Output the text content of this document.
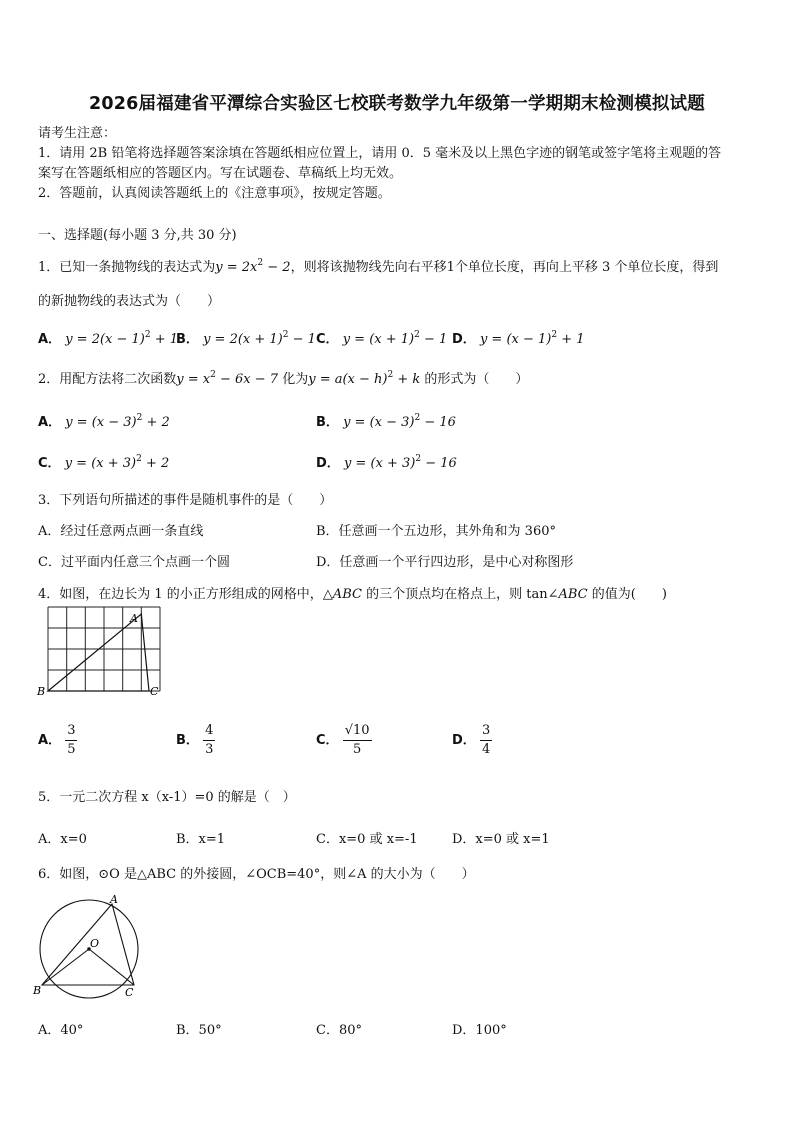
2026届福建省平潭综合实验区七校联考数学九年级第一学期期末检测模拟试题
请考生注意：
1．请用 2B 铅笔将选择题答案涂填在答题纸相应位置上，请用 0．5 毫米及以上黑色字迹的钢笔或签字笔将主观题的答
案写在答题纸相应的答题区内。写在试题卷、草稿纸上均无效。
2．答题前，认真阅读答题纸上的《注意事项》，按规定答题。
一、选择题(每小题 3 分,共 30 分)
1．已知一条抛物线的表达式为$y = 2x^2 - 2$，则将该抛物线先向右平移1个单位长度，再向上平移 3 个单位长度，得到
的新抛物线的表达式为（　　）
A． $y = 2(x - 1)^2 + 1$
B． $y = 2(x + 1)^2 - 1$ C． $y = (x + 1)^2 - 1$ D． $y = (x - 1)^2 + 1$
2．用配方法将二次函数$y = x^2 - 6x - 7$ 化为$y = a(x - h)^2 + k$ 的形式为（　　）
A． $y = (x - 3)^2 + 2$	B． $y = (x - 3)^2 - 16$
C． $y = (x + 3)^2 + 2$	D． $y = (x + 3)^2 - 16$
3．下列语句所描述的事件是随机事件的是（　　）
A．经过任意两点画一条直线	B．任意画一个五边形，其外角和为 360°
C．过平面内任意三个点画一个圆	D．任意画一个平行四边形，是中心对称图形
4．如图，在边长为 1 的小正方形组成的网格中，△ABC 的三个顶点均在格点上，则 tan∠ABC 的值为(　　)
A
B	C
A． $\frac{3}{5}$	B． $\frac{4}{3}$	C． $\frac{√10}{5}$	D． $\frac{3}{4}$
5．一元二次方程 x（x-1）=0 的解是（　）
A．x=0	B．x=1	C．x=0 或 x=-1	D．x=0 或 x=1
6．如图，⊙O 是△ABC 的外接圆，∠OCB=40°，则∠A 的大小为（　　）
A
O
B	C
A．40°	B．50°	C．80°	D．100°
